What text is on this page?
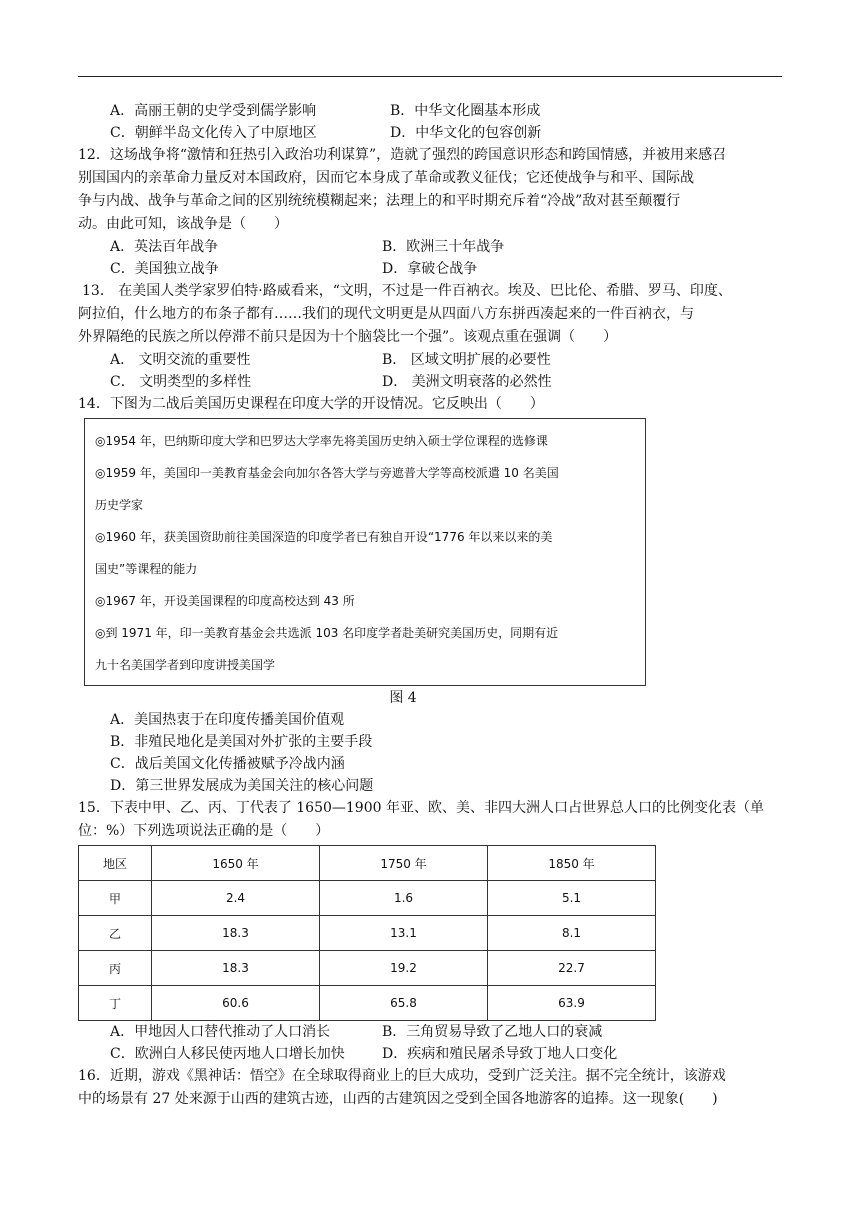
A．高丽王朝的史学受到儒学影响	B．中华文化圈基本形成
C．朝鲜半岛文化传入了中原地区	D．中华文化的包容创新
12．这场战争将“激情和狂热引入政治功利谋算”，造就了强烈的跨国意识形态和跨国情感，并被用来感召
别国国内的亲革命力量反对本国政府，因而它本身成了革命或教义征伐；它还使战争与和平、国际战
争与内战、战争与革命之间的区别统统模糊起来；法理上的和平时期充斥着“冷战”敌对甚至颠覆行
动。由此可知，该战争是（　　）
A．英法百年战争	B．欧洲三十年战争
C．美国独立战争	D．拿破仑战争
13． 在美国人类学家罗伯特·路威看来，“文明，不过是一件百衲衣。埃及、巴比伦、希腊、罗马、印度、
阿拉伯，什么地方的布条子都有……我们的现代文明更是从四面八方东拼西凑起来的一件百衲衣，与
外界隔绝的民族之所以停滞不前只是因为十个脑袋比一个强”。该观点重在强调（　　）
A． 文明交流的重要性	B． 区域文明扩展的必要性
C． 文明类型的多样性	D． 美洲文明衰落的必然性
14．下图为二战后美国历史课程在印度大学的开设情况。它反映出（　　）
◎1954 年，巴纳斯印度大学和巴罗达大学率先将美国历史纳入硕士学位课程的选修课
◎1959 年，美国印一美教育基金会向加尔各答大学与旁遮普大学等高校派遣 10 名美国
历史学家
◎1960 年，获美国资助前往美国深造的印度学者已有独自开设“1776 年以来以来的美
国史”等课程的能力
◎1967 年，开设美国课程的印度高校达到 43 所
◎到 1971 年，印一美教育基金会共选派 103 名印度学者赴美研究美国历史，同期有近
九十名美国学者到印度讲授美国学
图 4
A．美国热衷于在印度传播美国价值观
B．非殖民地化是美国对外扩张的主要手段
C．战后美国文化传播被赋予冷战内涵
D．第三世界发展成为美国关注的核心问题
15．下表中甲、乙、丙、丁代表了 1650—1900 年亚、欧、美、非四大洲人口占世界总人口的比例变化表（单
位：%）下列选项说法正确的是（　　）
地区	1650 年	1750 年	1850 年
甲	2.4	1.6	5.1
乙	18.3	13.1	8.1
丙	18.3	19.2	22.7
丁	60.6	65.8	63.9
A．甲地因人口替代推动了人口消长	B．三角贸易导致了乙地人口的衰减
C．欧洲白人移民使丙地人口增长加快	D．疾病和殖民屠杀导致丁地人口变化
16．近期，游戏《黑神话：悟空》在全球取得商业上的巨大成功，受到广泛关注。据不完全统计，该游戏
中的场景有 27 处来源于山西的建筑古迹，山西的古建筑因之受到全国各地游客的追捧。这一现象(　　)
